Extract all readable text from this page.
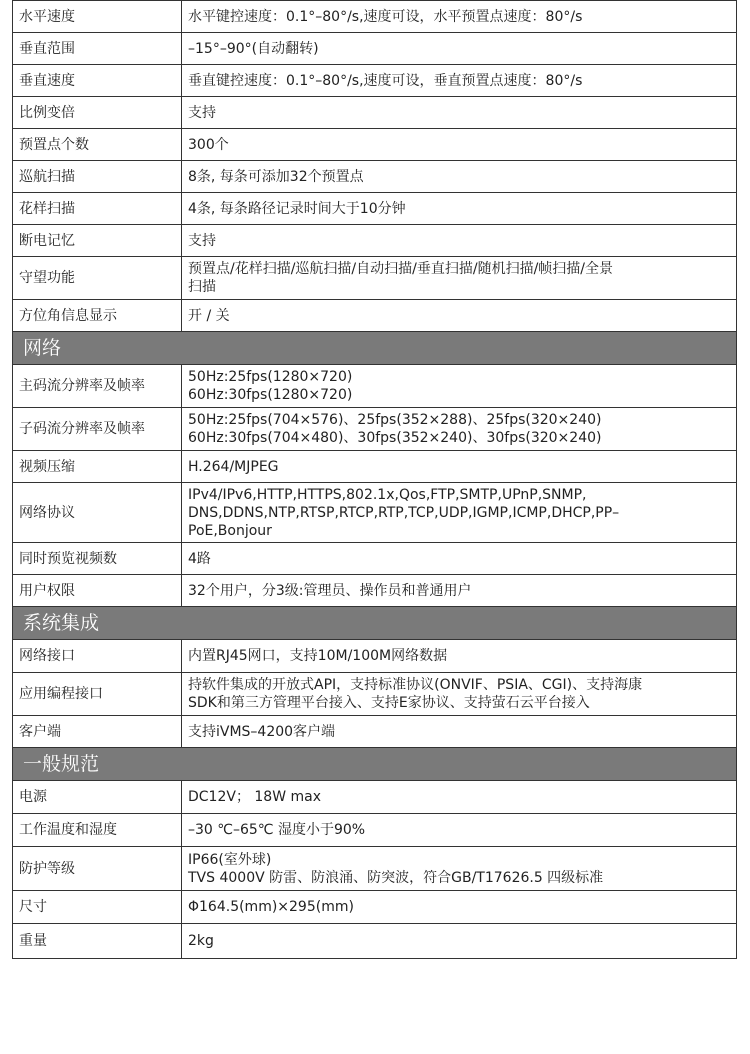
水平速度	水平键控速度：0.1°–80°/s,速度可设，水平预置点速度：80°/s
垂直范围	–15°–90°(自动翻转)
垂直速度	垂直键控速度：0.1°–80°/s,速度可设，垂直预置点速度：80°/s
比例变倍	支持
预置点个数	300个
巡航扫描	8条, 每条可添加32个预置点
花样扫描	4条, 每条路径记录时间大于10分钟
断电记忆	支持
守望功能	预置点/花样扫描/巡航扫描/自动扫描/垂直扫描/随机扫描/帧扫描/全景
扫描
方位角信息显示	开 / 关
网络	
主码流分辨率及帧率	50Hz:25fps(1280×720)
60Hz:30fps(1280×720)
子码流分辨率及帧率	50Hz:25fps(704×576)、25fps(352×288)、25fps(320×240)
60Hz:30fps(704×480)、30fps(352×240)、30fps(320×240)
视频压缩	H.264/MJPEG
网络协议	IPv4/IPv6,HTTP,HTTPS,802.1x,Qos,FTP,SMTP,UPnP,SNMP,
DNS,DDNS,NTP,RTSP,RTCP,RTP,TCP,UDP,IGMP,ICMP,DHCP,PP–
PoE,Bonjour
同时预览视频数	4路
用户权限	32个用户，分3级:管理员、操作员和普通用户
系统集成	
网络接口	内置RJ45网口，支持10M/100M网络数据
应用编程接口	持软件集成的开放式API，支持标准协议(ONVIF、PSIA、CGI)、支持海康
SDK和第三方管理平台接入、支持E家协议、支持萤石云平台接入
客户端	支持iVMS–4200客户端
一般规范	
电源	DC12V； 18W max
工作温度和湿度	–30 ℃–65℃ 湿度小于90%
防护等级	IP66(室外球)
TVS 4000V 防雷、防浪涌、防突波，符合GB/T17626.5 四级标准
尺寸	Φ164.5(mm)×295(mm)
重量	2kg
